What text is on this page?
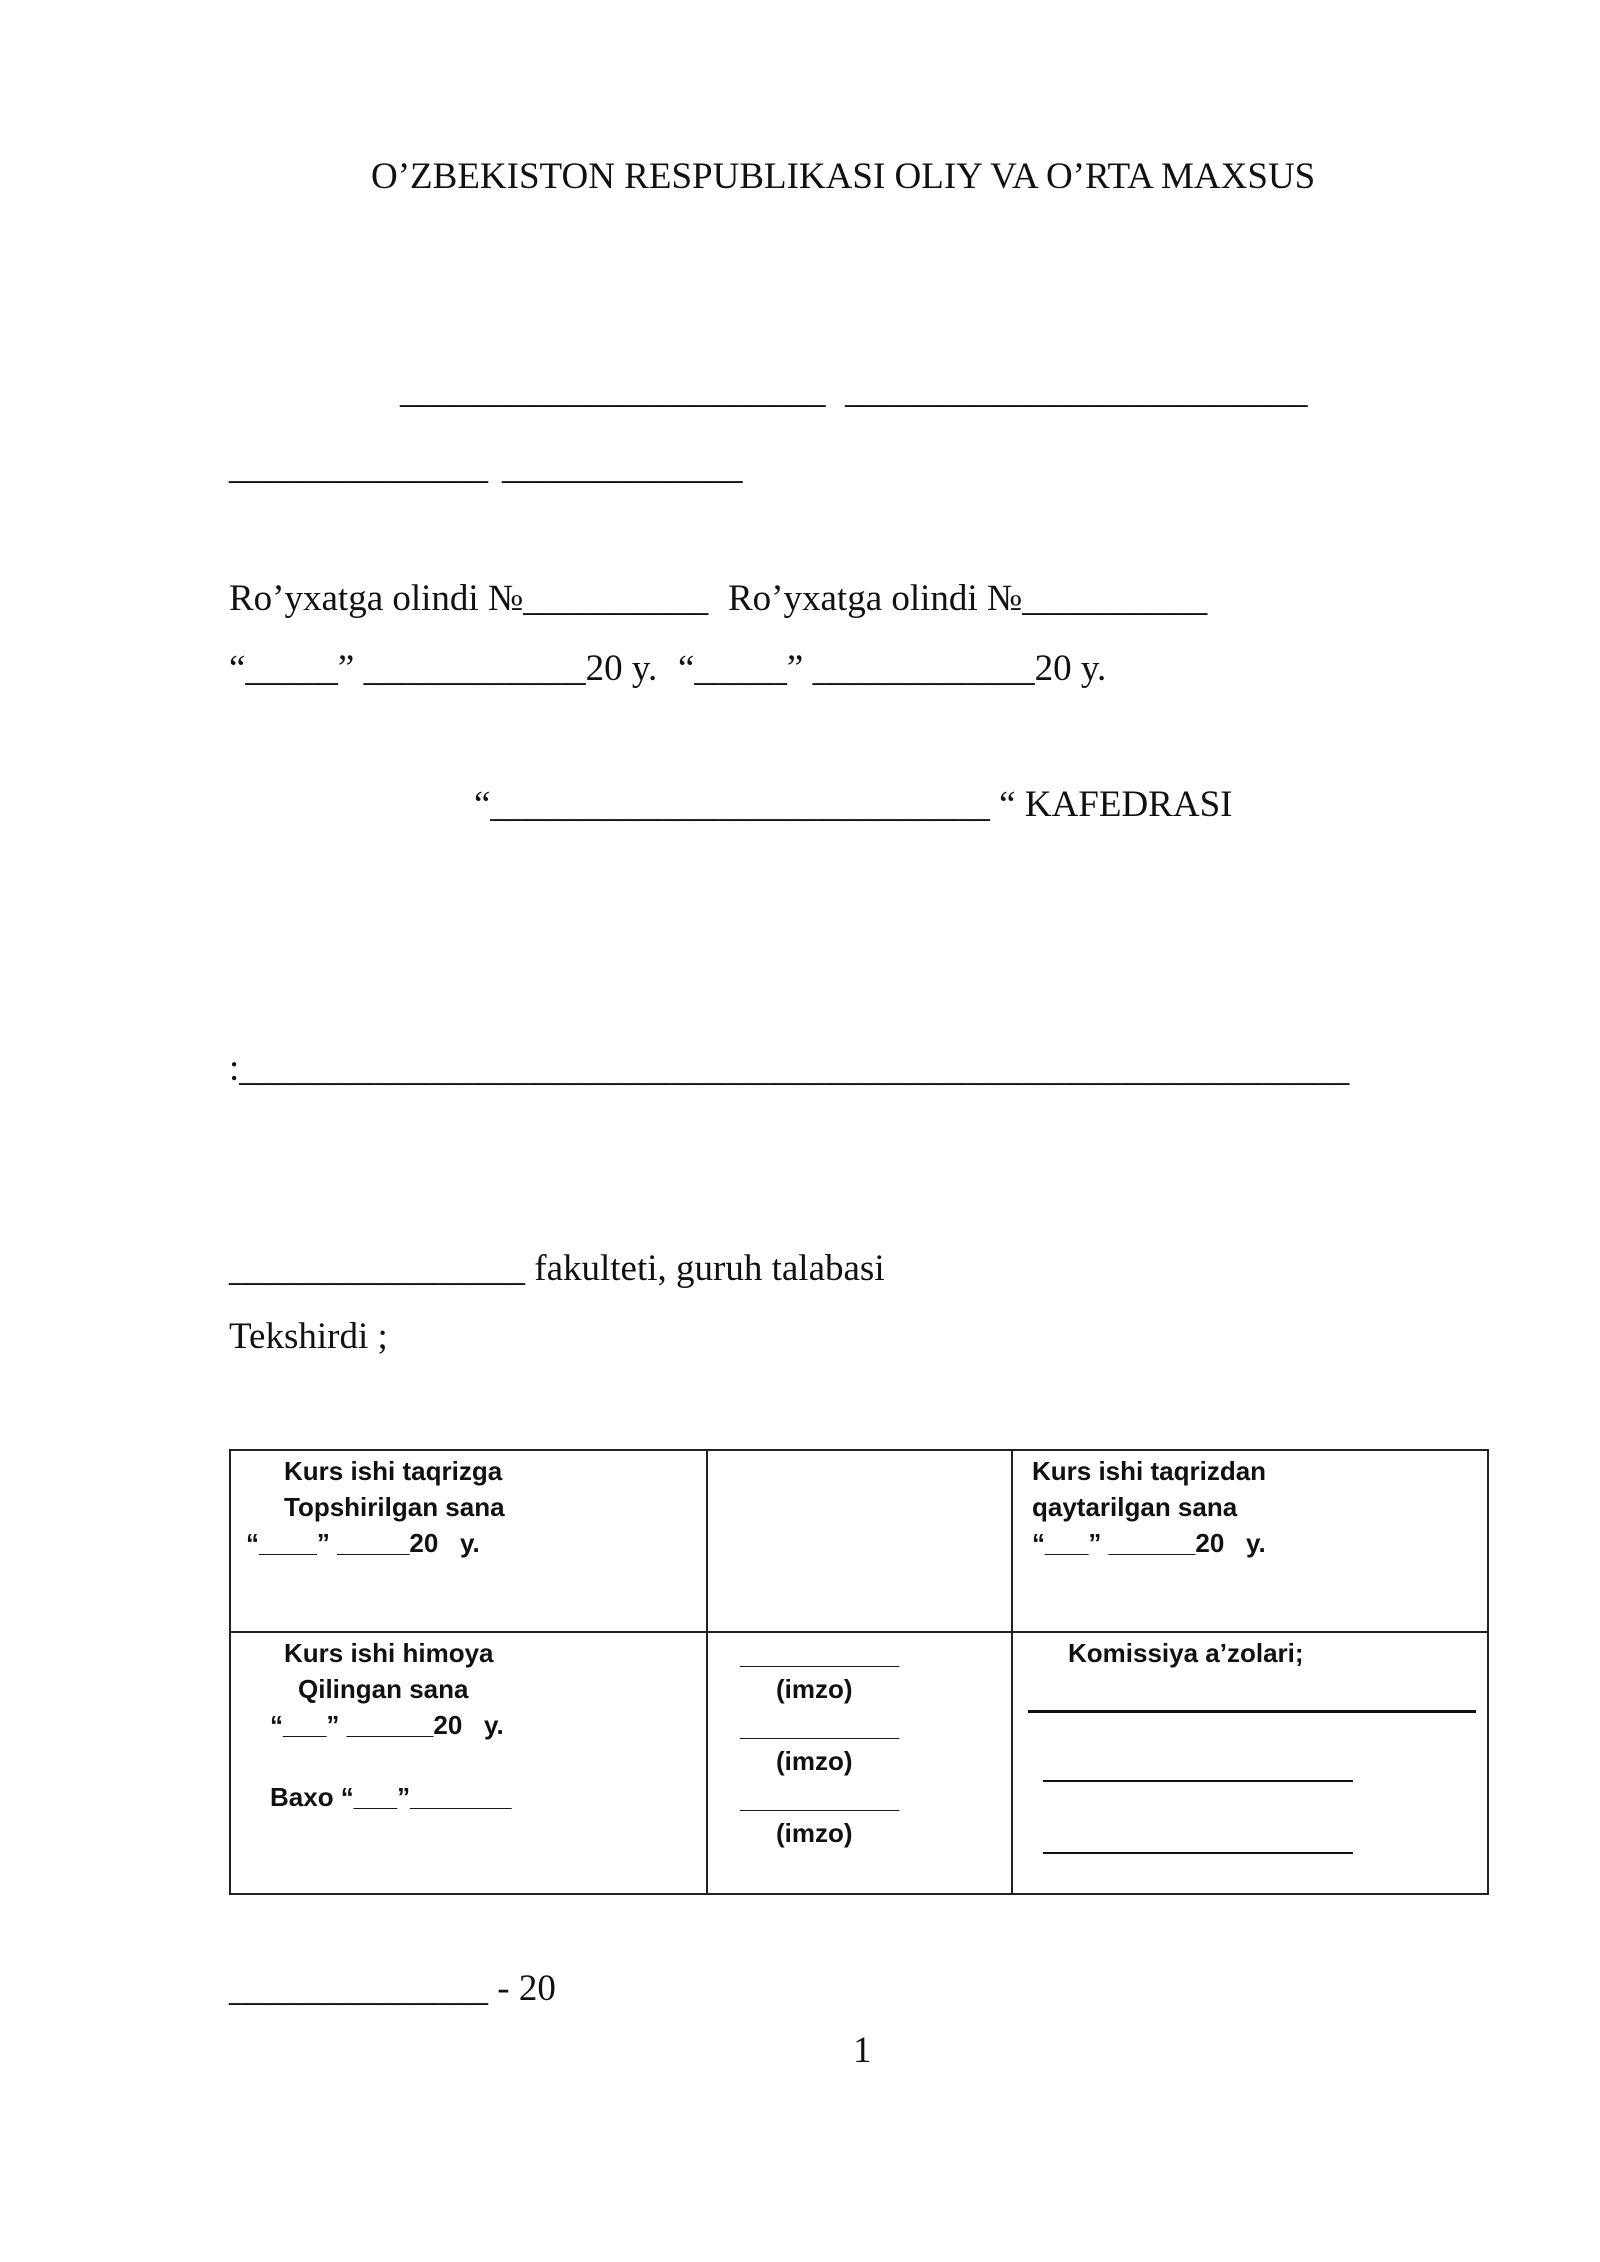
O’ZBEKISTON RESPUBLIKASI OLIY VA O’RTA MAXSUS
_______________________ _________________________
______________ _____________
Ro’yxatga olindi №__________ Ro’yxatga olindi №__________
“_____” ____________20 y. “_____” ____________20 y.
“___________________________ “ KAFEDRASI
:____________________________________________________________
________________ fakulteti, guruh talabasi
Tekshirdi ;
Kurs ishi taqrizga
Topshirilgan sana
“____” _____20   y.
Kurs ishi taqrizdan
qaytarilgan sana
“___” ______20   y.
Kurs ishi himoya
Qilingan sana
“___” ______20   y.
Baxo “___”_______
___________
(imzo)
___________
(imzo)
___________
(imzo)
Komissiya a’zolari;
______________ - 20
1
